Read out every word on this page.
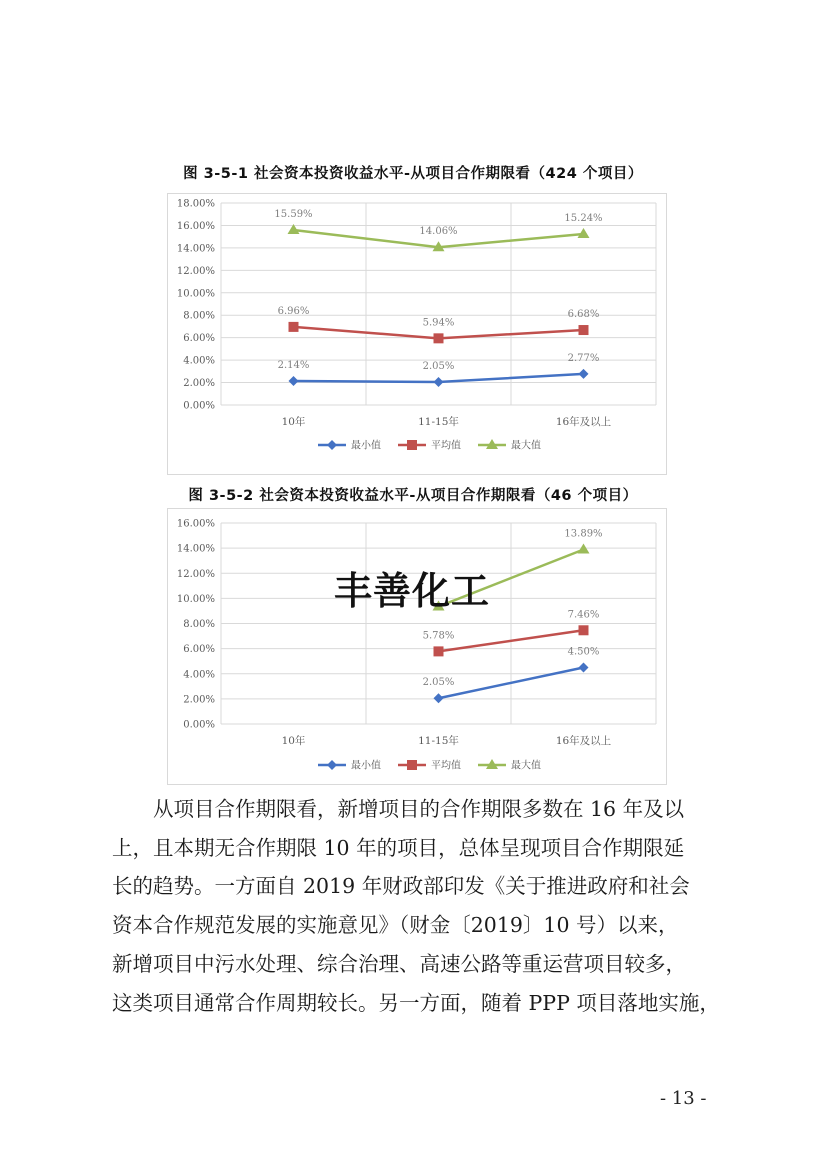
图 3-5-1 社会资本投资收益水平-从项目合作期限看（424 个项目）
0.00%
2.00%
4.00%
6.00%
8.00%
10.00%
12.00%
14.00%
16.00%
18.00%
10年	11-15年	16年及以上
2.14%	2.05%
2.77%
6.96%
5.94%
6.68%
15.59%
14.06%
15.24%
最小值	平均值	最大值
图 3-5-2 社会资本投资收益水平-从项目合作期限看（46 个项目）
0.00%
2.00%
4.00%
6.00%
8.00%
10.00%
12.00%
14.00%
16.00%
10年	11-15年	16年及以上
2.05%
4.50%
5.78%
7.46%
13.89%
最小值	平均值	最大值
丰善化工

　　从项目合作期限看，新增项目的合作期限多数在 16 年及以

上，且本期无合作期限 10 年的项目，总体呈现项目合作期限延

长的趋势。一方面自 2019 年财政部印发《关于推进政府和社会

资本合作规范发展的实施意见》（财金〔2019〕10 号）以来，

新增项目中污水处理、综合治理、高速公路等重运营项目较多，

这类项目通常合作周期较长。另一方面，随着 PPP 项目落地实施，

- 13 -
